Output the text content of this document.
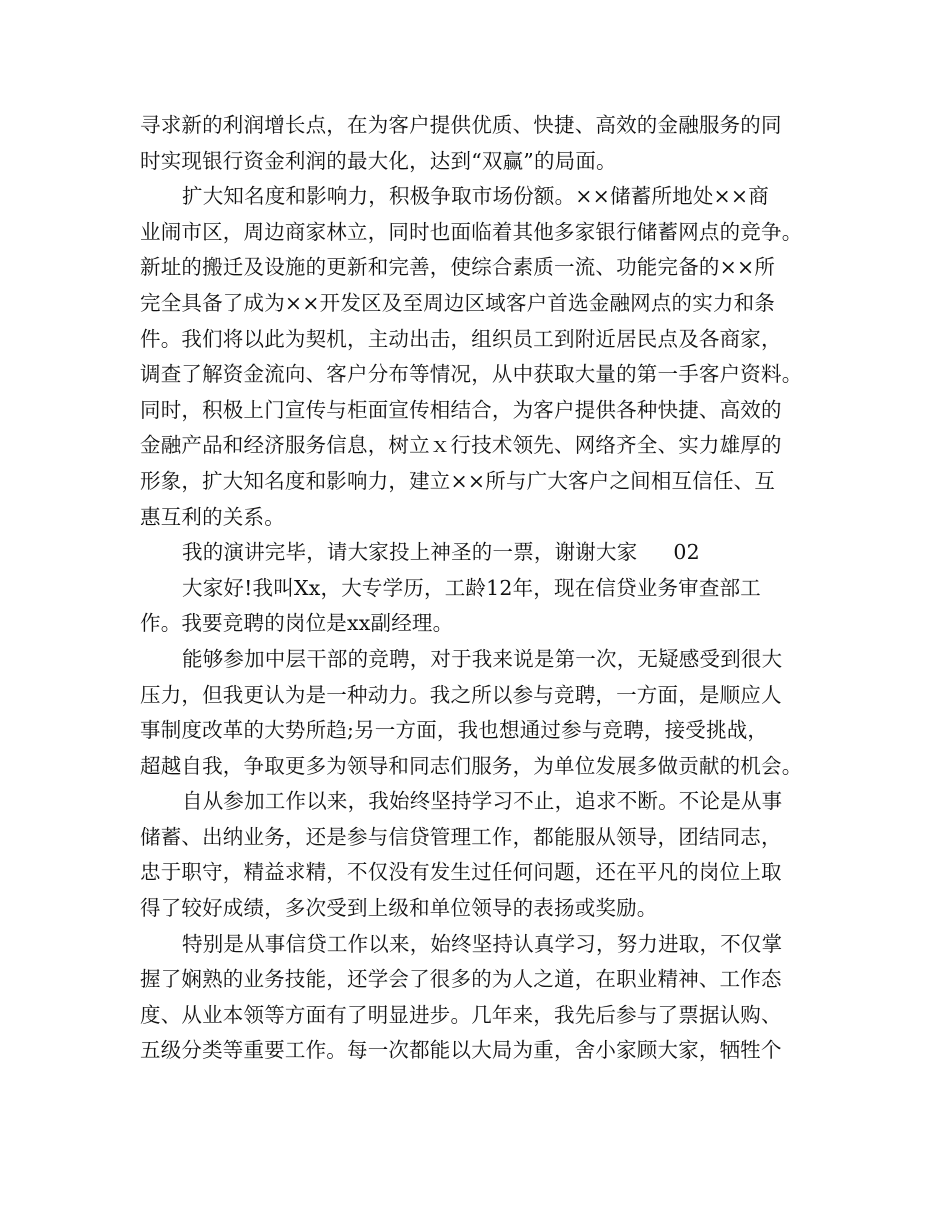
寻求新的利润增长点，在为客户提供优质、快捷、高效的金融服务的同
时实现银行资金利润的最大化，达到“双赢”的局面。
扩大知名度和影响力，积极争取市场份额。××储蓄所地处××商
业闹市区，周边商家林立，同时也面临着其他多家银行储蓄网点的竞争。
新址的搬迁及设施的更新和完善，使综合素质一流、功能完备的××所
完全具备了成为××开发区及至周边区域客户首选金融网点的实力和条
件。我们将以此为契机，主动出击，组织员工到附近居民点及各商家，
调查了解资金流向、客户分布等情况，从中获取大量的第一手客户资料。
同时，积极上门宣传与柜面宣传相结合，为客户提供各种快捷、高效的
金融产品和经济服务信息，树立ｘ行技术领先、网络齐全、实力雄厚的
形象，扩大知名度和影响力，建立××所与广大客户之间相互信任、互
惠互利的关系。
我的演讲完毕，请大家投上神圣的一票，谢谢大家 02
大家好!我叫Xx，大专学历，工龄12年，现在信贷业务审查部工
作。我要竞聘的岗位是xx副经理。
能够参加中层干部的竞聘，对于我来说是第一次，无疑感受到很大
压力，但我更认为是一种动力。我之所以参与竞聘，一方面，是顺应人
事制度改革的大势所趋;另一方面，我也想通过参与竞聘，接受挑战，
超越自我，争取更多为领导和同志们服务，为单位发展多做贡献的机会。
自从参加工作以来，我始终坚持学习不止，追求不断。不论是从事
储蓄、出纳业务，还是参与信贷管理工作，都能服从领导，团结同志，
忠于职守，精益求精，不仅没有发生过任何问题，还在平凡的岗位上取
得了较好成绩，多次受到上级和单位领导的表扬或奖励。
特别是从事信贷工作以来，始终坚持认真学习，努力进取，不仅掌
握了娴熟的业务技能，还学会了很多的为人之道，在职业精神、工作态
度、从业本领等方面有了明显进步。几年来，我先后参与了票据认购、
五级分类等重要工作。每一次都能以大局为重，舍小家顾大家，牺牲个
